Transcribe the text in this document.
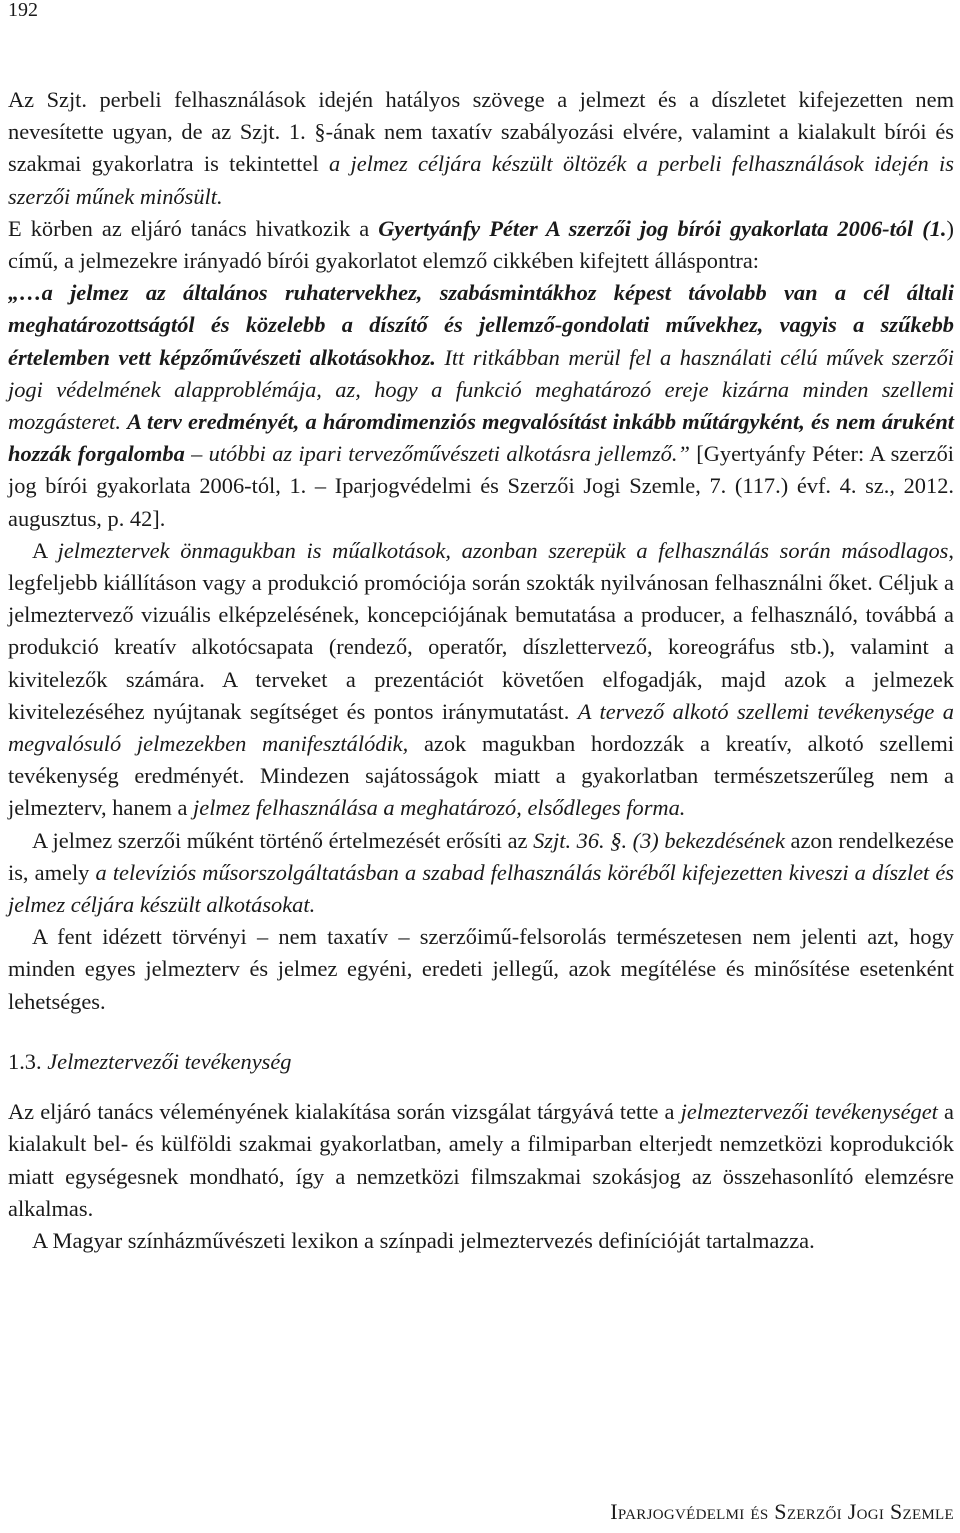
192

Az Szjt. perbeli felhasználások idején hatályos szövege a jelmezt és a díszletet kifejezetten nem nevesítette ugyan, de az Szjt. 1. §-ának nem taxatív szabályozási elvére, valamint a kialakult bírói és szakmai gyakorlatra is tekintettel a jelmez céljára készült öltözék a perbeli felhasználások idején is szerzői műnek minősült.

E körben az eljáró tanács hivatkozik a Gyertyánfy Péter A szerzői jog bírói gyakorlata 2006-tól (1.) című, a jelmezekre irányadó bírói gyakorlatot elemző cikkében kifejtett álláspontra:

„…a jelmez az általános ruhatervekhez, szabásmintákhoz képest távolabb van a cél általi meghatározottságtól és közelebb a díszítő és jellemző-gondolati művekhez, vagyis a szűkebb értelemben vett képzőművészeti alkotásokhoz. Itt ritkábban merül fel a használati célú művek szerzői jogi védelmének alapproblémája, az, hogy a funkció meghatározó ereje kizárna minden szellemi mozgásteret. A terv eredményét, a háromdimenziós megvalósítást inkább műtárgyként, és nem áruként hozzák forgalomba – utóbbi az ipari tervezőművészeti alkotásra jellemző.” [Gyertyánfy Péter: A szerzői jog bírói gyakorlata 2006-tól, 1. – Iparjogvédelmi és Szerzői Jogi Szemle, 7. (117.) évf. 4. sz., 2012. augusztus, p. 42].

A jelmeztervek önmagukban is műalkotások, azonban szerepük a felhasználás során másodlagos, legfeljebb kiállításon vagy a produkció promóciója során szokták nyilvánosan felhasználni őket. Céljuk a jelmeztervező vizuális elképzelésének, koncepciójának bemutatása a producer, a felhasználó, továbbá a produkció kreatív alkotócsapata (rendező, operatőr, díszlettervező, koreográfus stb.), valamint a kivitelezők számára. A terveket a prezentációt követően elfogadják, majd azok a jelmezek kivitelezéséhez nyújtanak segítséget és pontos iránymutatást. A tervező alkotó szellemi tevékenysége a megvalósuló jelmezekben manifesztálódik, azok magukban hordozzák a kreatív, alkotó szellemi tevékenység eredményét. Mindezen sajátosságok miatt a gyakorlatban természetszerűleg nem a jelmezterv, hanem a jelmez felhasználása a meghatározó, elsődleges forma.

A jelmez szerzői műként történő értelmezését erősíti az Szjt. 36. §. (3) bekezdésének azon rendelkezése is, amely a televíziós műsorszolgáltatásban a szabad felhasználás köréből kifejezetten kiveszi a díszlet és jelmez céljára készült alkotásokat.

A fent idézett törvényi – nem taxatív – szerzőimű-felsorolás természetesen nem jelenti azt, hogy minden egyes jelmezterv és jelmez egyéni, eredeti jellegű, azok megítélése és minősítése esetenként lehetséges.

1.3. Jelmeztervezői tevékenység

Az eljáró tanács véleményének kialakítása során vizsgálat tárgyává tette a jelmeztervezői tevékenységet a kialakult bel- és külföldi szakmai gyakorlatban, amely a filmiparban elterjedt nemzetközi koprodukciók miatt egységesnek mondható, így a nemzetközi filmszakmai szokásjog az összehasonlító elemzésre alkalmas.

A Magyar színházművészeti lexikon a színpadi jelmeztervezés definícióját tartalmazza.

Iparjogvédelmi és Szerzői Jogi Szemle
